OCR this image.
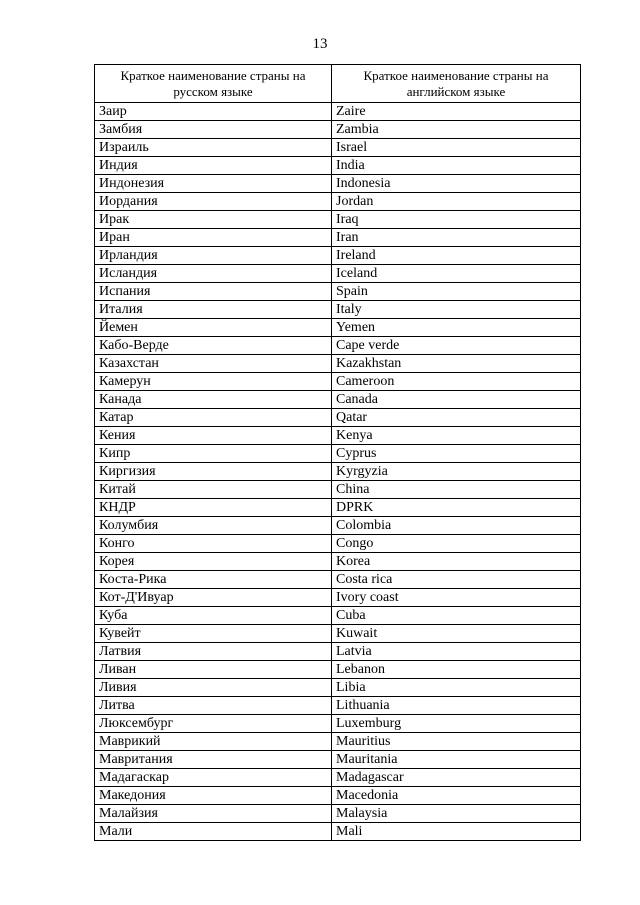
13
Краткое наименование страны на русском языке	Краткое наименование страны на английском языке
Заир	Zaire
Замбия	Zambia
Израиль	Israel
Индия	India
Индонезия	Indonesia
Иордания	Jordan
Ирак	Iraq
Иран	Iran
Ирландия	Ireland
Исландия	Iceland
Испания	Spain
Италия	Italy
Йемен	Yemen
Кабо-Верде	Cape verde
Казахстан	Kazakhstan
Камерун	Cameroon
Канада	Canada
Катар	Qatar
Кения	Kenya
Кипр	Cyprus
Киргизия	Kyrgyzia
Китай	China
КНДР	DPRK
Колумбия	Colombia
Конго	Congo
Корея	Korea
Коста-Рика	Costa rica
Кот-Д'Ивуар	Ivory coast
Куба	Cuba
Кувейт	Kuwait
Латвия	Latvia
Ливан	Lebanon
Ливия	Libia
Литва	Lithuania
Люксембург	Luxemburg
Маврикий	Mauritius
Мавритания	Mauritania
Мадагаскар	Madagascar
Македония	Macedonia
Малайзия	Malaysia
Мали	Mali
